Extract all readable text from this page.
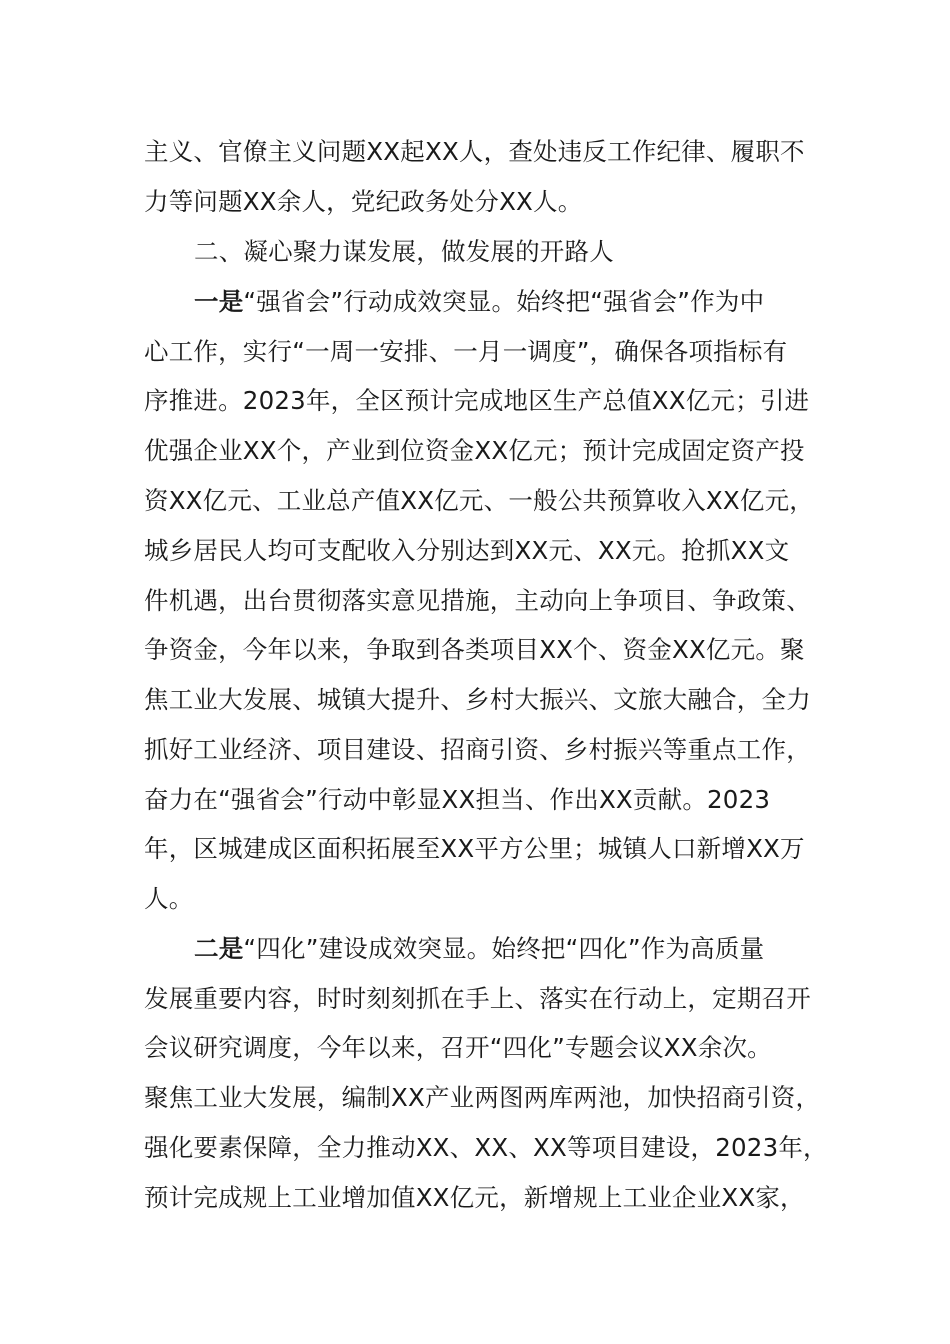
主义、官僚主义问题XX起XX人，查处违反工作纪律、履职不
力等问题XX余人，党纪政务处分XX人。
二、凝心聚力谋发展，做发展的开路人
一是“强省会”行动成效突显。始终把“强省会”作为中
心工作，实行“一周一安排、一月一调度”，确保各项指标有
序推进。2023年，全区预计完成地区生产总值XX亿元；引进
优强企业XX个，产业到位资金XX亿元；预计完成固定资产投
资XX亿元、工业总产值XX亿元、一般公共预算收入XX亿元，
城乡居民人均可支配收入分别达到XX元、XX元。抢抓XX文
件机遇，出台贯彻落实意见措施，主动向上争项目、争政策、
争资金，今年以来，争取到各类项目XX个、资金XX亿元。聚
焦工业大发展、城镇大提升、乡村大振兴、文旅大融合，全力
抓好工业经济、项目建设、招商引资、乡村振兴等重点工作，
奋力在“强省会”行动中彰显XX担当、作出XX贡献。2023
年，区城建成区面积拓展至XX平方公里；城镇人口新增XX万
人。
二是“四化”建设成效突显。始终把“四化”作为高质量
发展重要内容，时时刻刻抓在手上、落实在行动上，定期召开
会议研究调度，今年以来，召开“四化”专题会议XX余次。
聚焦工业大发展，编制XX产业两图两库两池，加快招商引资，
强化要素保障，全力推动XX、XX、XX等项目建设，2023年，
预计完成规上工业增加值XX亿元，新增规上工业企业XX家，
